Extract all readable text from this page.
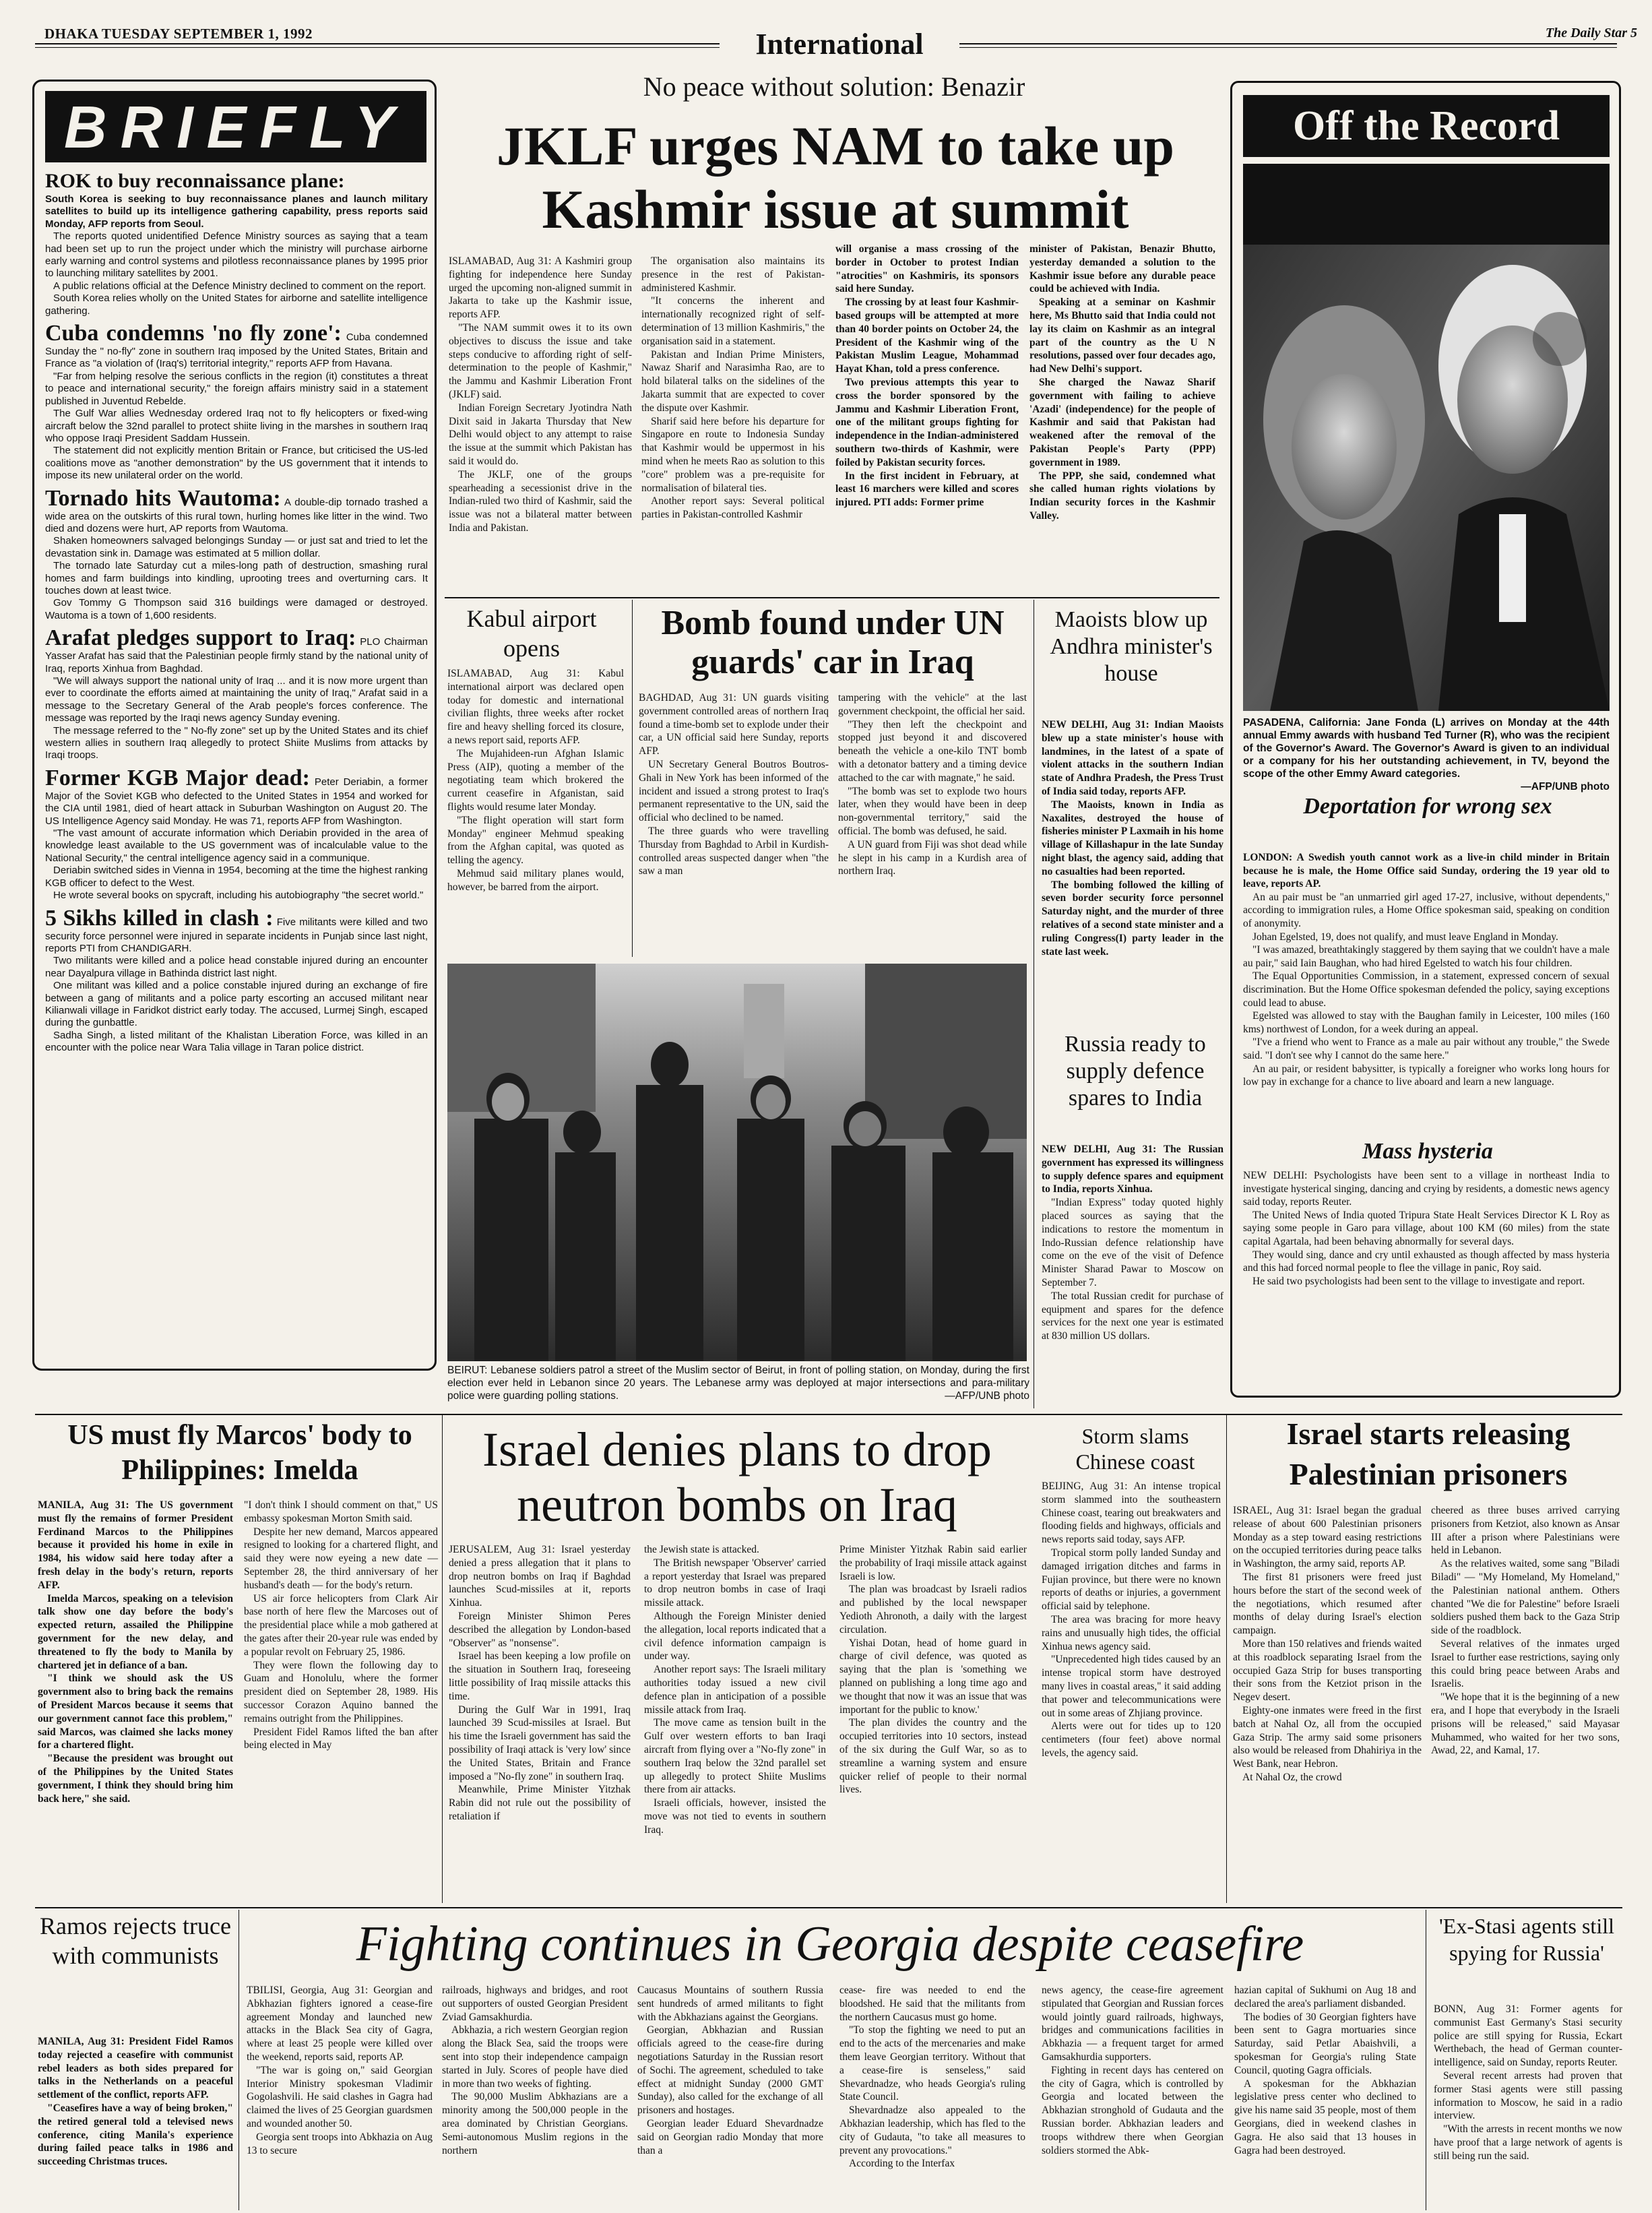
DHAKA TUESDAY SEPTEMBER 1, 1992	International	The Daily Star 5
BRIEFLY
ROK to buy reconnaissance plane:

South Korea is seeking to buy reconnaissance planes and launch military satellites to build up its intelligence gathering capability, press reports said Monday, AFP reports from Seoul.

The reports quoted unidentified Defence Ministry sources as saying that a team had been set up to run the project under which the ministry will purchase airborne early warning and control systems and pilotless reconnaissance planes by 1995 prior to launching military satellites by 2001.

A public relations official at the Defence Ministry declined to comment on the report.

South Korea relies wholly on the United States for airborne and satellite intelligence gathering.

Cuba condemns 'no fly zone': Cuba condemned Sunday the " no-fly" zone in southern Iraq imposed by the United States, Britain and France as "a violation of (Iraq's) territorial integrity," reports AFP from Havana.

"Far from helping resolve the serious conflicts in the region (it) constitutes a threat to peace and international security," the foreign affairs ministry said in a statement published in Juventud Rebelde.

The Gulf War allies Wednesday ordered Iraq not to fly helicopters or fixed-wing aircraft below the 32nd parallel to protect shiite living in the marshes in southern Iraq who oppose Iraqi President Saddam Hussein.

The statement did not explicitly mention Britain or France, but criticised the US-led coalitions move as "another demonstration" by the US government that it intends to impose its new unilateral order on the world.

Tornado hits Wautoma: A double-dip tornado trashed a wide area on the outskirts of this rural town, hurling homes like litter in the wind. Two died and dozens were hurt, AP reports from Wautoma.

Shaken homeowners salvaged belongings Sunday — or just sat and tried to let the devastation sink in. Damage was estimated at 5 million dollar.

The tornado late Saturday cut a miles-long path of destruction, smashing rural homes and farm buildings into kindling, uprooting trees and overturning cars. It touches down at least twice.

Gov Tommy G Thompson said 316 buildings were damaged or destroyed. Wautoma is a town of 1,600 residents.

Arafat pledges support to Iraq: PLO Chairman Yasser Arafat has said that the Palestinian people firmly stand by the national unity of Iraq, reports Xinhua from Baghdad.

"We will always support the national unity of Iraq ... and it is now more urgent than ever to coordinate the efforts aimed at maintaining the unity of Iraq," Arafat said in a message to the Secretary General of the Arab people's forces conference. The message was reported by the Iraqi news agency Sunday evening.

The message referred to the " No-fly zone" set up by the United States and its chief western allies in southern Iraq allegedly to protect Shiite Muslims from attacks by Iraqi troops.

Former KGB Major dead: Peter Deriabin, a former Major of the Soviet KGB who defected to the United States in 1954 and worked for the CIA until 1981, died of heart attack in Suburban Washington on August 20. The US Intelligence Agency said Monday. He was 71, reports AFP from Washington.

"The vast amount of accurate information which Deriabin provided in the area of knowledge least available to the US government was of incalculable value to the National Security," the central intelligence agency said in a communique.

Deriabin switched sides in Vienna in 1954, becoming at the time the highest ranking KGB officer to defect to the West.

He wrote several books on spycraft, including his autobiography "the secret world."

5 Sikhs killed in clash : Five militants were killed and two security force personnel were injured in separate incidents in Punjab since last night, reports PTI from CHANDIGARH.

Two militants were killed and a police head constable injured during an encounter near Dayalpura village in Bathinda district last night.

One militant was killed and a police constable injured during an exchange of fire between a gang of militants and a police party escorting an accused militant near Kilianwali village in Faridkot district early today. The accused, Lurmej Singh, escaped during the gunbattle.

Sadha Singh, a listed militant of the Khalistan Liberation Force, was killed in an encounter with the police near Wara Talia village in Taran police district.

No peace without solution: Benazir
JKLF urges NAM to take up Kashmir issue at summit

ISLAMABAD, Aug 31: A Kashmiri group fighting for independence here Sunday urged the upcoming non-aligned summit in Jakarta to take up the Kashmir issue, reports AFP.

"The NAM summit owes it to its own objectives to discuss the issue and take steps conducive to affording right of self-determination to the people of Kashmir," the Jammu and Kashmir Liberation Front (JKLF) said.

Indian Foreign Secretary Jyotindra Nath Dixit said in Jakarta Thursday that New Delhi would object to any attempt to raise the issue at the summit which Pakistan has said it would do.

The JKLF, one of the groups spearheading a secessionist drive in the Indian-ruled two third of Kashmir, said the issue was not a bilateral matter between India and Pakistan.

The organisation also maintains its presence in the rest of Pakistan-administered Kashmir.

"It concerns the inherent and internationally recognized right of self-determination of 13 million Kashmiris," the organisation said in a statement.

Pakistan and Indian Prime Ministers, Nawaz Sharif and Narasimha Rao, are to hold bilateral talks on the sidelines of the Jakarta summit that are expected to cover the dispute over Kashmir.

Sharif said here before his departure for Singapore en route to Indonesia Sunday that Kashmir would be uppermost in his mind when he meets Rao as solution to this "core" problem was a pre-requisite for normalisation of bilateral ties.

Another report says: Several political parties in Pakistan-controlled Kashmir

will organise a mass crossing of the border in October to protest Indian "atrocities" on Kashmiris, its sponsors said here Sunday.

The crossing by at least four Kashmir-based groups will be attempted at more than 40 border points on October 24, the President of the Kashmir wing of the Pakistan Muslim League, Mohammad Hayat Khan, told a press conference.

Two previous attempts this year to cross the border sponsored by the Jammu and Kashmir Liberation Front, one of the militant groups fighting for independence in the Indian-administered southern two-thirds of Kashmir, were foiled by Pakistan security forces.

In the first incident in February, at least 16 marchers were killed and scores injured. PTI adds: Former prime

minister of Pakistan, Benazir Bhutto, yesterday demanded a solution to the Kashmir issue before any durable peace could be achieved with India.

Speaking at a seminar on Kashmir here, Ms Bhutto said that India could not lay its claim on Kashmir as an integral part of the country as the U N resolutions, passed over four decades ago, had New Delhi's support.

She charged the Nawaz Sharif government with failing to achieve 'Azadi' (independence) for the people of Kashmir and said that Pakistan had weakened after the removal of the Pakistan People's Party (PPP) government in 1989.

The PPP, she said, condemned what she called human rights violations by Indian security forces in the Kashmir Valley.

Off the Record
PASADENA, California: Jane Fonda (L) arrives on Monday at the 44th annual Emmy awards with husband Ted Turner (R), who was the recipient of the Governor's Award. The Governor's Award is given to an individual or a company for his her outstanding achievement, in TV, beyond the scope of the other Emmy Award categories.
—AFP/UNB photo
Deportation for wrong sex

LONDON: A Swedish youth cannot work as a live-in child minder in Britain because he is male, the Home Office said Sunday, ordering the 19 year old to leave, reports AP.

An au pair must be "an unmarried girl aged 17-27, inclusive, without dependents," according to immigration rules, a Home Office spokesman said, speaking on condition of anonymity.

Johan Egelsted, 19, does not qualify, and must leave England in Monday.

"I was amazed, breathtakingly staggered by them saying that we couldn't have a male au pair," said Iain Baughan, who had hired Egelsted to watch his four children.

The Equal Opportunities Commission, in a statement, expressed concern of sexual discrimination. But the Home Office spokesman defended the policy, saying exceptions could lead to abuse.

Egelsted was allowed to stay with the Baughan family in Leicester, 100 miles (160 kms) northwest of London, for a week during an appeal.

"I've a friend who went to France as a male au pair without any trouble," the Swede said. "I don't see why I cannot do the same here."

An au pair, or resident babysitter, is typically a foreigner who works long hours for low pay in exchange for a chance to live aboard and learn a new language.

Mass hysteria

NEW DELHI: Psychologists have been sent to a village in northeast India to investigate hysterical singing, dancing and crying by residents, a domestic news agency said today, reports Reuter.

The United News of India quoted Tripura State Healt Services Director K L Roy as saying some people in Garo para village, about 100 KM (60 miles) from the state capital Agartala, had been behaving abnormally for several days.

They would sing, dance and cry until exhausted as though affected by mass hysteria and this had forced normal people to flee the village in panic, Roy said.

He said two psychologists had been sent to the village to investigate and report.

Kabul airport opens

ISLAMABAD, Aug 31: Kabul international airport was declared open today for domestic and international civilian flights, three weeks after rocket fire and heavy shelling forced its closure, a news report said, reports AFP.

The Mujahideen-run Afghan Islamic Press (AIP), quoting a member of the negotiating team which brokered the current ceasefire in Afganistan, said flights would resume later Monday.

"The flight operation will start form Monday" engineer Mehmud speaking from the Afghan capital, was quoted as telling the agency.

Mehmud said military planes would, however, be barred from the airport.

Bomb found under UN guards' car in Iraq

BAGHDAD, Aug 31: UN guards visiting government controlled areas of northern Iraq found a time-bomb set to explode under their car, a UN official said here Sunday, reports AFP.

UN Secretary General Boutros Boutros-Ghali in New York has been informed of the incident and issued a strong protest to Iraq's permanent representative to the UN, said the official who declined to be named.

The three guards who were travelling Thursday from Baghdad to Arbil in Kurdish-controlled areas suspected danger when "the saw a man

tampering with the vehicle" at the last government checkpoint, the official her said.

"They then left the checkpoint and stopped just beyond it and discovered beneath the vehicle a one-kilo TNT bomb with a detonator battery and a timing device attached to the car with magnate," he said.

"The bomb was set to explode two hours later, when they would have been in deep non-governmental territory," said the official. The bomb was defused, he said.

A UN guard from Fiji was shot dead while he slept in his camp in a Kurdish area of northern Iraq.

Maoists blow up Andhra minister's house

NEW DELHI, Aug 31: Indian Maoists blew up a state minister's house with landmines, in the latest of a spate of violent attacks in the southern Indian state of Andhra Pradesh, the Press Trust of India said today, reports AFP.

The Maoists, known in India as Naxalites, destroyed the house of fisheries minister P Laxmaih in his home village of Killashapur in the late Sunday night blast, the agency said, adding that no casualties had been reported.

The bombing followed the killing of seven border security force personnel Saturday night, and the murder of three relatives of a second state minister and a ruling Congress(I) party leader in the state last week.

Russia ready to supply defence spares to India

NEW DELHI, Aug 31: The Russian government has expressed its willingness to supply defence spares and equipment to India, reports Xinhua.

"Indian Express" today quoted highly placed sources as saying that the indications to restore the momentum in Indo-Russian defence relationship have come on the eve of the visit of Defence Minister Sharad Pawar to Moscow on September 7.

The total Russian credit for purchase of equipment and spares for the defence services for the next one year is estimated at 830 million US dollars.

BEIRUT: Lebanese soldiers patrol a street of the Muslim sector of Beirut, in front of polling station, on Monday, during the first election ever held in Lebanon since 20 years. The Lebanese army was deployed at major intersections and para-military police were guarding polling stations.	—AFP/UNB photo
US must fly Marcos' body to Philippines: Imelda

MANILA, Aug 31: The US government must fly the remains of former President Ferdinand Marcos to the Philippines because it provided his home in exile in 1984, his widow said here today after a fresh delay in the body's return, reports AFP.

Imelda Marcos, speaking on a television talk show one day before the body's expected return, assailed the Philippine government for the new delay, and threatened to fly the body to Manila by chartered jet in defiance of a ban.

"I think we should ask the US government also to bring back the remains of President Marcos because it seems that our government cannot face this problem," said Marcos, was claimed she lacks money for a chartered flight.

"Because the president was brought out of the Philippines by the United States government, I think they should bring him back here," she said.

"I don't think I should comment on that," US embassy spokesman Morton Smith said.

Despite her new demand, Marcos appeared resigned to looking for a chartered flight, and said they were now eyeing a new date — September 28, the third anniversary of her husband's death — for the body's return.

US air force helicopters from Clark Air base north of here flew the Marcoses out of the presidential place while a mob gathered at the gates after their 20-year rule was ended by a popular revolt on February 25, 1986.

They were flown the following day to Guam and Honolulu, where the former president died on September 28, 1989. His successor Corazon Aquino banned the remains outright from the Philippines.

President Fidel Ramos lifted the ban after being elected in May

Israel denies plans to drop neutron bombs on Iraq

JERUSALEM, Aug 31: Israel yesterday denied a press allegation that it plans to drop neutron bombs on Iraq if Baghdad launches Scud-missiles at it, reports Xinhua.

Foreign Minister Shimon Peres described the allegation by London-based "Observer" as "nonsense".

Israel has been keeping a low profile on the situation in Southern Iraq, foreseeing little possibility of Iraq missile attacks this time.

During the Gulf War in 1991, Iraq launched 39 Scud-missiles at Israel. But his time the Israeli government has said the possibility of Iraqi attack is 'very low' since the United States, Britain and France imposed a "No-fly zone" in southern Iraq.

Meanwhile, Prime Minister Yitzhak Rabin did not rule out the possibility of retaliation if

the Jewish state is attacked.

The British newspaper 'Observer' carried a report yesterday that Israel was prepared to drop neutron bombs in case of Iraqi missile attack.

Although the Foreign Minister denied the allegation, local reports indicated that a civil defence information campaign is under way.

Another report says: The Israeli military authorities today issued a new civil defence plan in anticipation of a possible missile attack from Iraq.

The move came as tension built in the Gulf over western efforts to ban Iraqi aircraft from flying over a "No-fly zone" in southern Iraq below the 32nd parallel set up allegedly to protect Shiite Muslims there from air attacks.

Israeli officials, however, insisted the move was not tied to events in southern Iraq.

Prime Minister Yitzhak Rabin said earlier the probability of Iraqi missile attack against Israeli is low.

The plan was broadcast by Israeli radios and published by the local newspaper Yedioth Ahronoth, a daily with the largest circulation.

Yishai Dotan, head of home guard in charge of civil defence, was quoted as saying that the plan is 'something we planned on publishing a long time ago and we thought that now it was an issue that was important for the public to know.'

The plan divides the country and the occupied territories into 10 sectors, instead of the six during the Gulf War, so as to streamline a warning system and ensure quicker relief of people to their normal lives.

Storm slams Chinese coast

BEIJING, Aug 31: An intense tropical storm slammed into the southeastern Chinese coast, tearing out breakwaters and flooding fields and highways, officials and news reports said today, says AFP.

Tropical storm polly landed Sunday and damaged irrigation ditches and farms in Fujian province, but there were no known reports of deaths or injuries, a government official said by telephone.

The area was bracing for more heavy rains and unusually high tides, the official Xinhua news agency said.

"Unprecedented high tides caused by an intense tropical storm have destroyed many lives in coastal areas," it said adding that power and telecommunications were out in some areas of Zhjiang province.

Alerts were out for tides up to 120 centimeters (four feet) above normal levels, the agency said.

Israel starts releasing Palestinian prisoners

ISRAEL, Aug 31: Israel began the gradual release of about 600 Palestinian prisoners Monday as a step toward easing restrictions on the occupied territories during peace talks in Washington, the army said, reports AP.

The first 81 prisoners were freed just hours before the start of the second week of the negotiations, which resumed after months of delay during Israel's election campaign.

More than 150 relatives and friends waited at this roadblock separating Israel from the occupied Gaza Strip for buses transporting their sons from the Ketziot prison in the Negev desert.

Eighty-one inmates were freed in the first batch at Nahal Oz, all from the occupied Gaza Strip. The army said some prisoners also would be released from Dhahiriya in the West Bank, near Hebron.

At Nahal Oz, the crowd

cheered as three buses arrived carrying prisoners from Ketziot, also known as Ansar III after a prison where Palestinians were held in Lebanon.

As the relatives waited, some sang "Biladi Biladi" — "My Homeland, My Homeland," the Palestinian national anthem. Others chanted "We die for Palestine" before Israeli soldiers pushed them back to the Gaza Strip side of the roadblock.

Several relatives of the inmates urged Israel to further ease restrictions, saying only this could bring peace between Arabs and Israelis.

"We hope that it is the beginning of a new era, and I hope that everybody in the Israeli prisons will be released," said Mayasar Muhammed, who waited for her two sons, Awad, 22, and Kamal, 17.

Ramos rejects truce with communists

MANILA, Aug 31: President Fidel Ramos today rejected a ceasefire with communist rebel leaders as both sides prepared for talks in the Netherlands on a peaceful settlement of the conflict, reports AFP.

"Ceasefires have a way of being broken," the retired general told a televised news conference, citing Manila's experience during failed peace talks in 1986 and succeeding Christmas truces.

Fighting continues in Georgia despite ceasefire

TBILISI, Georgia, Aug 31: Georgian and Abkhazian fighters ignored a cease-fire agreement Monday and launched new attacks in the Black Sea city of Gagra, where at least 25 people were killed over the weekend, reports said, reports AP.

"The war is going on," said Georgian Interior Ministry spokesman Vladimir Gogolashvili. He said clashes in Gagra had claimed the lives of 25 Georgian guardsmen and wounded another 50.

Georgia sent troops into Abkhazia on Aug 13 to secure

railroads, highways and bridges, and root out supporters of ousted Georgian President Zviad Gamsakhurdia.

Abkhazia, a rich western Georgian region along the Black Sea, said the troops were sent into stop their independence campaign started in July. Scores of people have died in more than two weeks of fighting.

The 90,000 Muslim Abkhazians are a minority among the 500,000 people in the area dominated by Christian Georgians. Semi-autonomous Muslim regions in the northern

Caucasus Mountains of southern Russia sent hundreds of armed militants to fight with the Abkhazians against the Georgians.

Georgian, Abkhazian and Russian officials agreed to the cease-fire during negotiations Saturday in the Russian resort of Sochi. The agreement, scheduled to take effect at midnight Sunday (2000 GMT Sunday), also called for the exchange of all prisoners and hostages.

Georgian leader Eduard Shevardnadze said on Georgian radio Monday that more than a

cease- fire was needed to end the bloodshed. He said that the militants from the northern Caucasus must go home.

"To stop the fighting we need to put an end to the acts of the mercenaries and make them leave Georgian territory. Without that a cease-fire is senseless," said Shevardnadze, who heads Georgia's ruling State Council.

Shevardnadze also appealed to the Abkhazian leadership, which has fled to the city of Gudauta, "to take all measures to prevent any provocations."

According to the Interfax

news agency, the cease-fire agreement stipulated that Georgian and Russian forces would jointly guard railroads, highways, bridges and communications facilities in Abkhazia — a frequent target for armed Gamsakhurdia supporters.

Fighting in recent days has centered on the city of Gagra, which is controlled by Georgia and located between the Abkhazian stronghold of Gudauta and the Russian border. Abkhazian leaders and troops withdrew there when Georgian soldiers stormed the Abk-

hazian capital of Sukhumi on Aug 18 and declared the area's parliament disbanded.

The bodies of 30 Georgian fighters have been sent to Gagra mortuaries since Saturday, said Petlar Abaishvili, a spokesman for Georgia's ruling State Council, quoting Gagra officials.

A spokesman for the Abkhazian legislative press center who declined to give his name said 35 people, most of them Georgians, died in weekend clashes in Gagra. He also said that 13 houses in Gagra had been destroyed.

'Ex-Stasi agents still spying for Russia'

BONN, Aug 31: Former agents for communist East Germany's Stasi security police are still spying for Russia, Eckart Werthebach, the head of German counter-intelligence, said on Sunday, reports Reuter.

Several recent arrests had proven that former Stasi agents were still passing information to Moscow, he said in a radio interview.

"With the arrests in recent months we now have proof that a large network of agents is still being run the said.
